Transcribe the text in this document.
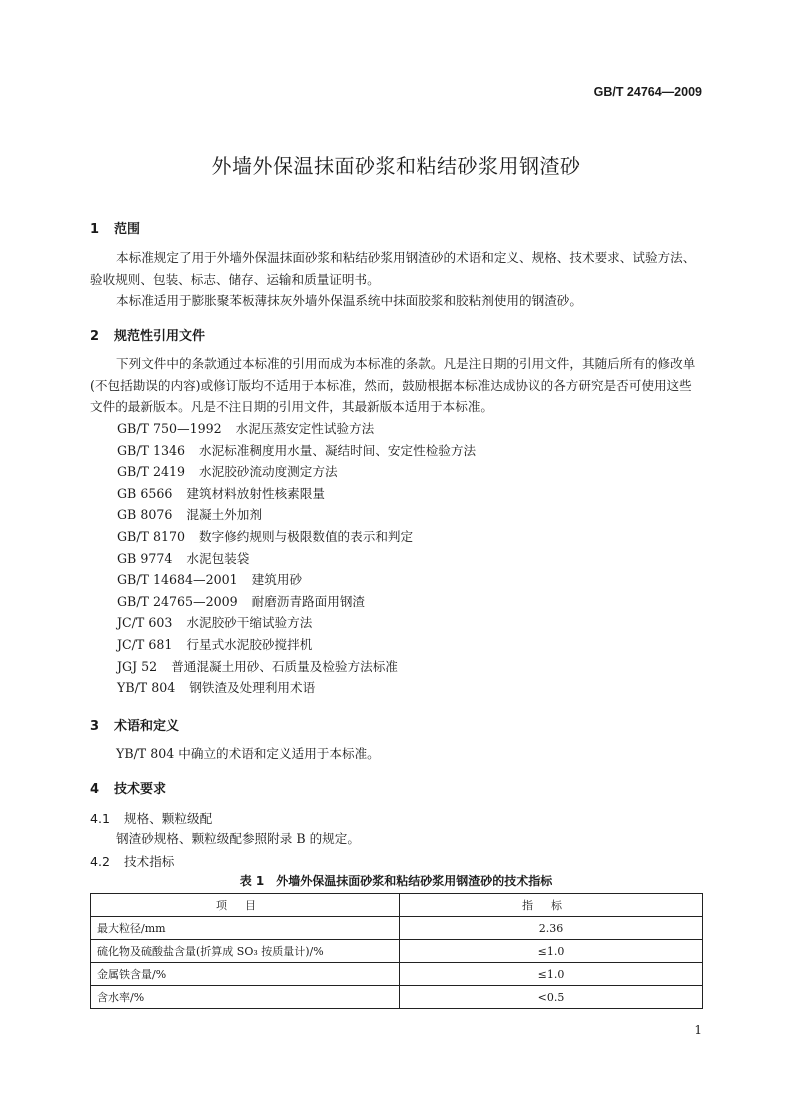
GB/T 24764—2009
外墙外保温抹面砂浆和粘结砂浆用钢渣砂
1 范围
本标准规定了用于外墙外保温抹面砂浆和粘结砂浆用钢渣砂的术语和定义、规格、技术要求、试验方法、验收规则、包装、标志、储存、运输和质量证明书。
本标准适用于膨胀聚苯板薄抹灰外墙外保温系统中抹面胶浆和胶粘剂使用的钢渣砂。
2 规范性引用文件
下列文件中的条款通过本标准的引用而成为本标准的条款。凡是注日期的引用文件，其随后所有的修改单(不包括勘误的内容)或修订版均不适用于本标准，然而，鼓励根据本标准达成协议的各方研究是否可使用这些文件的最新版本。凡是不注日期的引用文件，其最新版本适用于本标准。
GB/T 750—1992 水泥压蒸安定性试验方法
GB/T 1346 水泥标准稠度用水量、凝结时间、安定性检验方法
GB/T 2419 水泥胶砂流动度测定方法
GB 6566 建筑材料放射性核素限量
GB 8076 混凝土外加剂
GB/T 8170 数字修约规则与极限数值的表示和判定
GB 9774 水泥包装袋
GB/T 14684—2001 建筑用砂
GB/T 24765—2009 耐磨沥青路面用钢渣
JC/T 603 水泥胶砂干缩试验方法
JC/T 681 行星式水泥胶砂搅拌机
JGJ 52 普通混凝土用砂、石质量及检验方法标准
YB/T 804 钢铁渣及处理利用术语
3 术语和定义
YB/T 804 中确立的术语和定义适用于本标准。
4 技术要求
4.1 规格、颗粒级配
钢渣砂规格、颗粒级配参照附录 B 的规定。
4.2 技术指标
表 1　外墙外保温抹面砂浆和粘结砂浆用钢渣砂的技术指标
项目	指标
最大粒径/mm	2.36
硫化物及硫酸盐含量(折算成 SO₃ 按质量计)/%	≤1.0
金属铁含量/%	≤1.0
含水率/%	<0.5
1
